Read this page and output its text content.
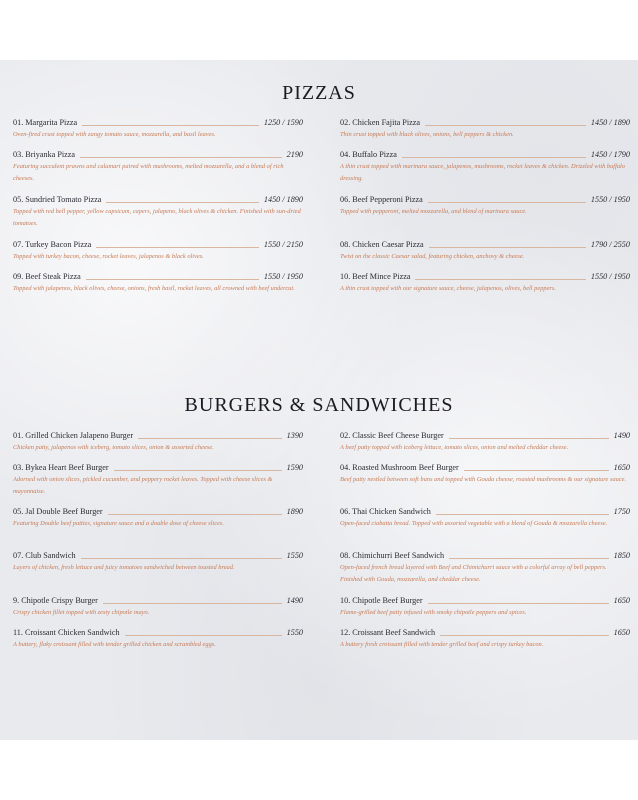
PIZZAS
01. Margarita Pizza	1250 / 1590
Oven-fired crust topped with zangy tomato sauce, mozzarella, and basil leaves.
03. Briyanka Pizza	2190
Featuring succulent prawns and calamari paired with mushrooms, melted mozzarella, and a blend of rich cheeses.
05. Sundried Tomato Pizza	1450 / 1890
Topped with red bell pepper, yellow capsicum, capers, jalapeno, black olives & chicken. Finished with sun-dried tomatoes.
07. Turkey Bacon Pizza	1550 / 2150
Topped with turkey bacon, cheese, rocket leaves, jalapenos & black olives.
09. Beef Steak Pizza	1550 / 1950
Topped with jalapenos, black olives, cheese, onions, fresh basil, rocket leaves, all crowned with beef undercut.
02. Chicken Fajita Pizza	1450 / 1890
Thin crust topped with black olives, onions, bell peppers & chicken.
04. Buffalo Pizza	1450 / 1790
A thin crust topped with marinara sauce, jalapenos, mushrooms, rocket leaves & chicken. Drizzled with buffalo dressing.
06. Beef Pepperoni Pizza	1550 / 1950
Topped with pepperoni, melted mozzarella, and blend of marinara sauce.
08. Chicken Caesar Pizza	1790 / 2550
Twist on the classic Caesar salad, featuring chicken, anchovy & cheese.
10. Beef Mince Pizza	1550 / 1950
A thin crust topped with our signature sauce, cheese, jalapenos, olives, bell peppers.
BURGERS & SANDWICHES
01. Grilled Chicken Jalapeno Burger	1390
Chicken patty, jalapenos with iceberg, tomato slices, onion & assorted cheese.
03. Bykea Heart Beef Burger	1590
Adorned with onion slices, pickled cucumber, and peppery rocket leaves. Topped with cheese slices & mayonnaise.
05. Jal Double Beef Burger	1890
Featuring Double beef patties, signature sauce and a double dose of cheese slices.
07. Club Sandwich	1550
Layers of chicken, fresh lettuce and juicy tomatoes sandwiched between toasted bread.
9. Chipotle Crispy Burger	1490
Crispy chicken fillet topped with zesty chipotle mayo.
11. Croissant Chicken Sandwich	1550
A buttery, flaky croissant filled with tender grilled chicken and scrambled eggs.
02. Classic Beef Cheese Burger	1490
A beef patty topped with iceberg lettuce, tomato slices, onion and melted cheddar cheese.
04. Roasted Mushroom Beef Burger	1650
Beef patty nestled between soft buns and topped with Gouda cheese, roasted mushrooms & our signature sauce.
06. Thai Chicken Sandwich	1750
Open-faced ciabatta bread. Topped with assorted vegetable with a blend of Gouda & mozzarella cheese.
08. Chimichurri Beef Sandwich	1850
Open-faced french bread layered with Beef and Chimichurri sauce with a colorful array of bell peppers. Finished with Gouda, mozzarella, and cheddar cheese.
10. Chipotle Beef Burger	1650
Flame-grilled beef patty infused with smoky chipotle peppers and spices.
12. Croissant Beef Sandwich	1650
A buttery fresh croissant filled with tender grilled beef and crispy turkey bacon.
